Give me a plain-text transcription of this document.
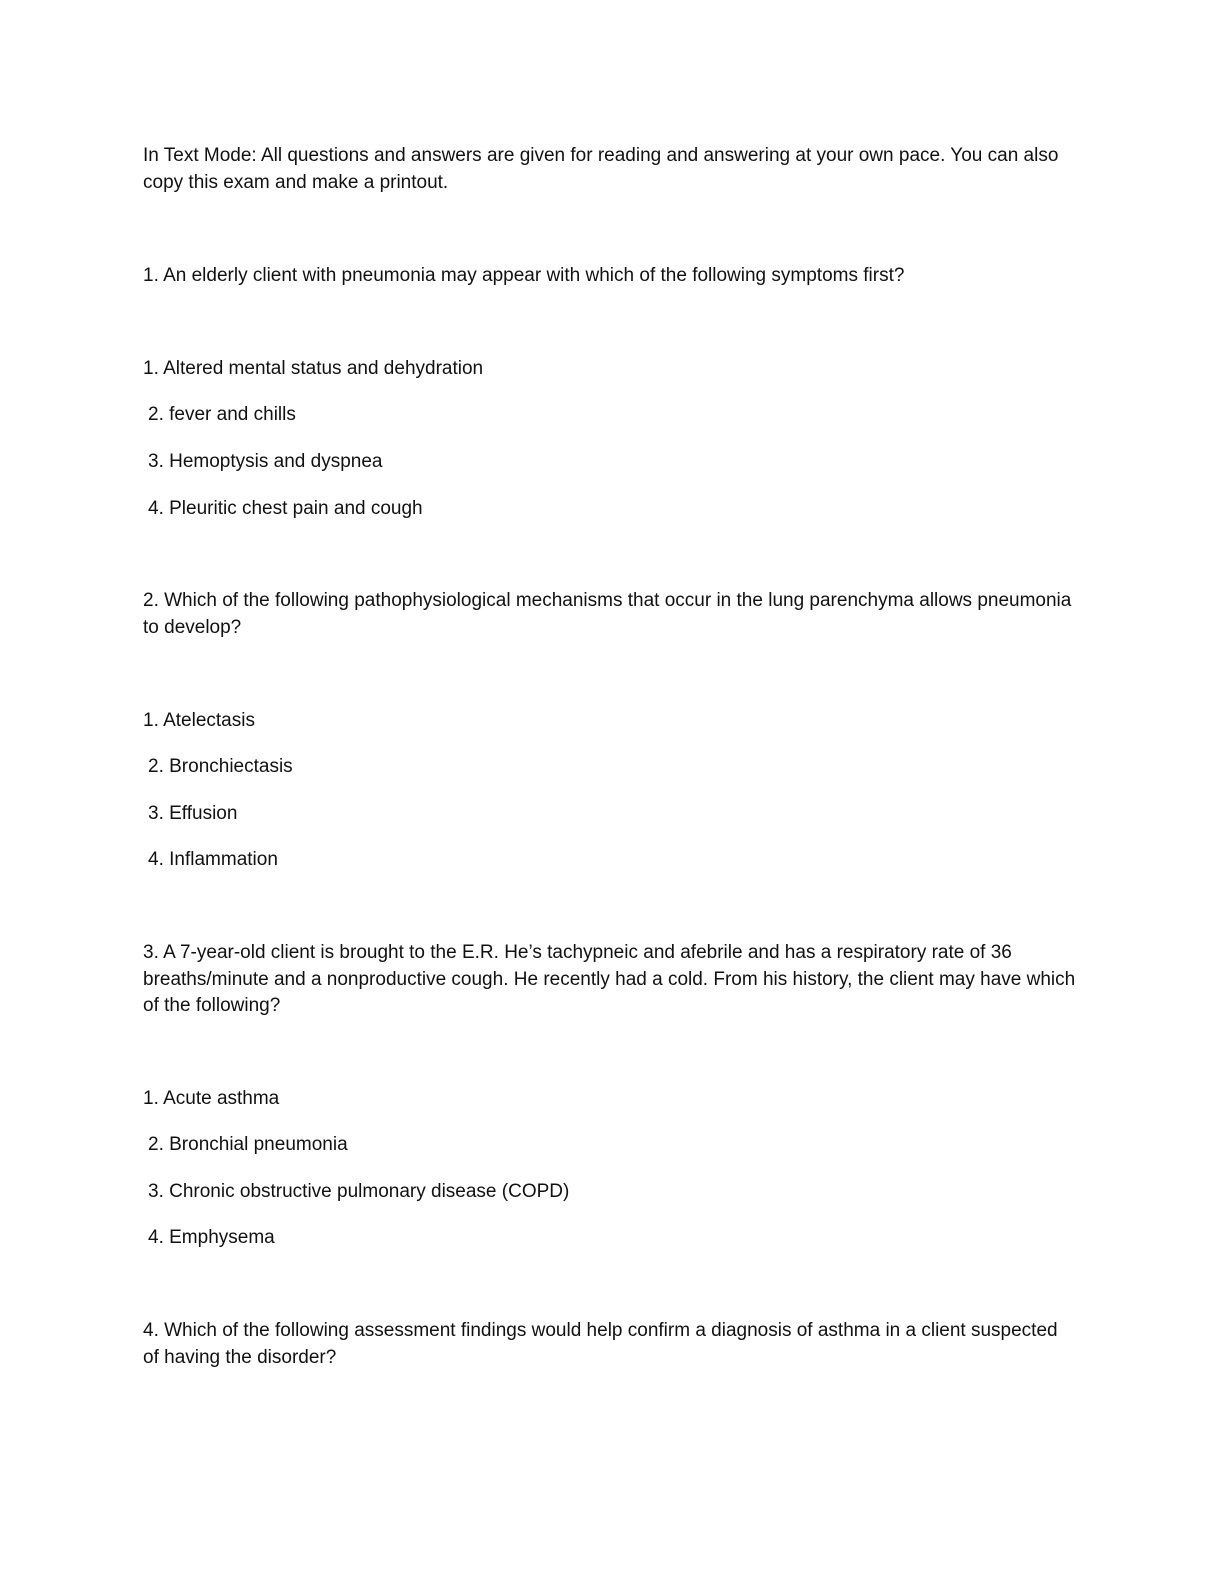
In Text Mode: All questions and answers are given for reading and answering at your own pace. You can also copy this exam and make a printout.

1. An elderly client with pneumonia may appear with which of the following symptoms first?

1. Altered mental status and dehydration

2. fever and chills

3. Hemoptysis and dyspnea

4. Pleuritic chest pain and cough

2. Which of the following pathophysiological mechanisms that occur in the lung parenchyma allows pneumonia to develop?

1. Atelectasis

2. Bronchiectasis

3. Effusion

4. Inflammation

3. A 7-year-old client is brought to the E.R. He’s tachypneic and afebrile and has a respiratory rate of 36 breaths/minute and a nonproductive cough. He recently had a cold. From his history, the client may have which of the following?

1. Acute asthma

2. Bronchial pneumonia

3. Chronic obstructive pulmonary disease (COPD)

4. Emphysema

4. Which of the following assessment findings would help confirm a diagnosis of asthma in a client suspected of having the disorder?
